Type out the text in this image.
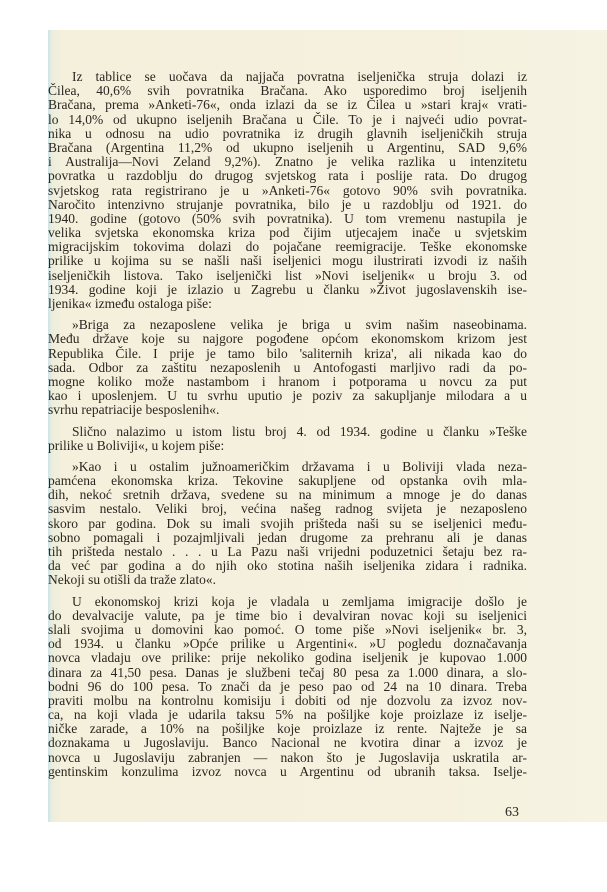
Iz tablice se uočava da najjača povratna iseljenička struja dolazi iz
Čilea, 40,6% svih povratnika Bračana. Ako usporedimo broj iseljenih
Bračana, prema »Anketi-76«, onda izlazi da se iz Čilea u »stari kraj« vrati-
lo 14,0% od ukupno iseljenih Bračana u Čile. To je i najveći udio povrat-
nika u odnosu na udio povratnika iz drugih glavnih iseljeničkih struja
Bračana (Argentina 11,2% od ukupno iseljenih u Argentinu, SAD 9,6%
i Australija—Novi Zeland 9,2%). Znatno je velika razlika u intenzitetu
povratka u razdoblju do drugog svjetskog rata i poslije rata. Do drugog
svjetskog rata registrirano je u »Anketi-76« gotovo 90% svih povratnika.
Naročito intenzivno strujanje povratnika, bilo je u razdoblju od 1921. do
1940. godine (gotovo (50% svih povratnika). U tom vremenu nastupila je
velika svjetska ekonomska kriza pod čijim utjecajem inače u svjetskim
migracijskim tokovima dolazi do pojačane reemigracije. Teške ekonomske
prilike u kojima su se našli naši iseljenici mogu ilustrirati izvodi iz naših
iseljeničkih listova. Tako iseljenički list »Novi iseljenik« u broju 3. od
1934. godine koji je izlazio u Zagrebu u članku »Život jugoslavenskih ise-
ljenika« između ostaloga piše:
»Briga za nezaposlene velika je briga u svim našim naseobinama.
Među države koje su najgore pogođene općom ekonomskom krizom jest
Republika Čile. I prije je tamo bilo 'saliternih kriza', ali nikada kao do
sada. Odbor za zaštitu nezaposlenih u Antofogasti marljivo radi da po-
mogne koliko može nastambom i hranom i potporama u novcu za put
kao i uposlenjem. U tu svrhu uputio je poziv za sakupljanje milodara a u
svrhu repatriacije besposlenih«.
Slično nalazimo u istom listu broj 4. od 1934. godine u članku »Teške
prilike u Boliviji«, u kojem piše:
»Kao i u ostalim južnoameričkim državama i u Boliviji vlada neza-
pamćena ekonomska kriza. Tekovine sakupljene od opstanka ovih mla-
dih, nekoć sretnih država, svedene su na minimum a mnoge je do danas
sasvim nestalo. Veliki broj, većina našeg radnog svijeta je nezaposleno
skoro par godina. Dok su imali svojih prišteda naši su se iseljenici među-
sobno pomagali i pozajmljivali jedan drugome za prehranu ali je danas
tih prišteda nestalo . . . u La Pazu naši vrijedni poduzetnici šetaju bez ra-
da već par godina a do njih oko stotina naših iseljenika zidara i radnika.
Nekoji su otišli da traže zlato«.
U ekonomskoj krizi koja je vladala u zemljama imigracije došlo je
do devalvacije valute, pa je time bio i devalviran novac koji su iseljenici
slali svojima u domovini kao pomoć. O tome piše »Novi iseljenik« br. 3,
od 1934. u članku »Opće prilike u Argentini«. »U pogledu doznačavanja
novca vladaju ove prilike: prije nekoliko godina iseljenik je kupovao 1.000
dinara za 41,50 pesa. Danas je službeni tečaj 80 pesa za 1.000 dinara, a slo-
bodni 96 do 100 pesa. To znači da je peso pao od 24 na 10 dinara. Treba
praviti molbu na kontrolnu komisiju i dobiti od nje dozvolu za izvoz nov-
ca, na koji vlada je udarila taksu 5% na pošiljke koje proizlaze iz iselje-
ničke zarade, a 10% na pošiljke koje proizlaze iz rente. Najteže je sa
doznakama u Jugoslaviju. Banco Nacional ne kvotira dinar a izvoz je
novca u Jugoslaviju zabranjen — nakon što je Jugoslavija uskratila ar-
gentinskim konzulima izvoz novca u Argentinu od ubranih taksa. Iselje-
63
